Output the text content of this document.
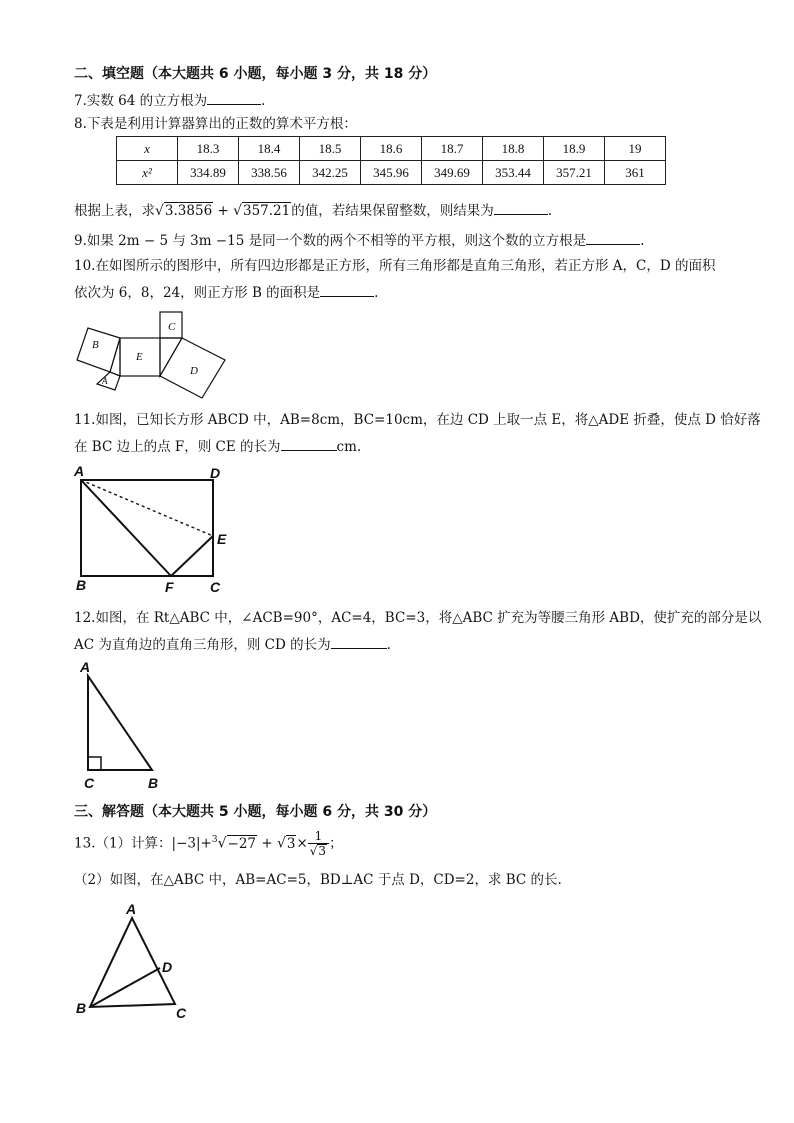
二、填空题（本大题共 6 小题，每小题 3 分，共 18 分）
7.实数 64 的立方根为	.
8.下表是利用计算器算出的正数的算术平方根：
x	18.3	18.4	18.5	18.6	18.7	18.8	18.9	19
x²	334.89	338.56	342.25	345.96	349.69	353.44	357.21	361
根据上表，求√3.3856 + √357.21的值，若结果保留整数，则结果为	.
9.如果 2m − 5 与 3m −15 是同一个数的两个不相等的平方根，则这个数的立方根是	.
10.在如图所示的图形中，所有四边形都是正方形，所有三角形都是直角三角形，若正方形 A，C，D 的面积
依次为 6，8，24，则正方形 B 的面积是	.
B
E
C
D
A
11.如图，已知长方形 ABCD 中，AB=8cm，BC=10cm，在边 CD 上取一点 E，将△ADE 折叠，使点 D 恰好落
在 BC 边上的点 F，则 CE 的长为	cm.
A	D
E
B	F	C
12.如图，在 Rt△ABC 中，∠ACB=90°，AC=4，BC=3，将△ABC 扩充为等腰三角形 ABD，使扩充的部分是以
AC 为直角边的直角三角形，则 CD 的长为	.
A
C	B
三、解答题（本大题共 5 小题，每小题 6 分，共 30 分）
13.（1）计算：$|-3|+^3√-27 + √3\times \frac{1}{√3}$ ；
（2）如图，在△ABC 中，AB=AC=5，BD⊥AC 于点 D，CD=2，求 BC 的长.
A
D
B	C
